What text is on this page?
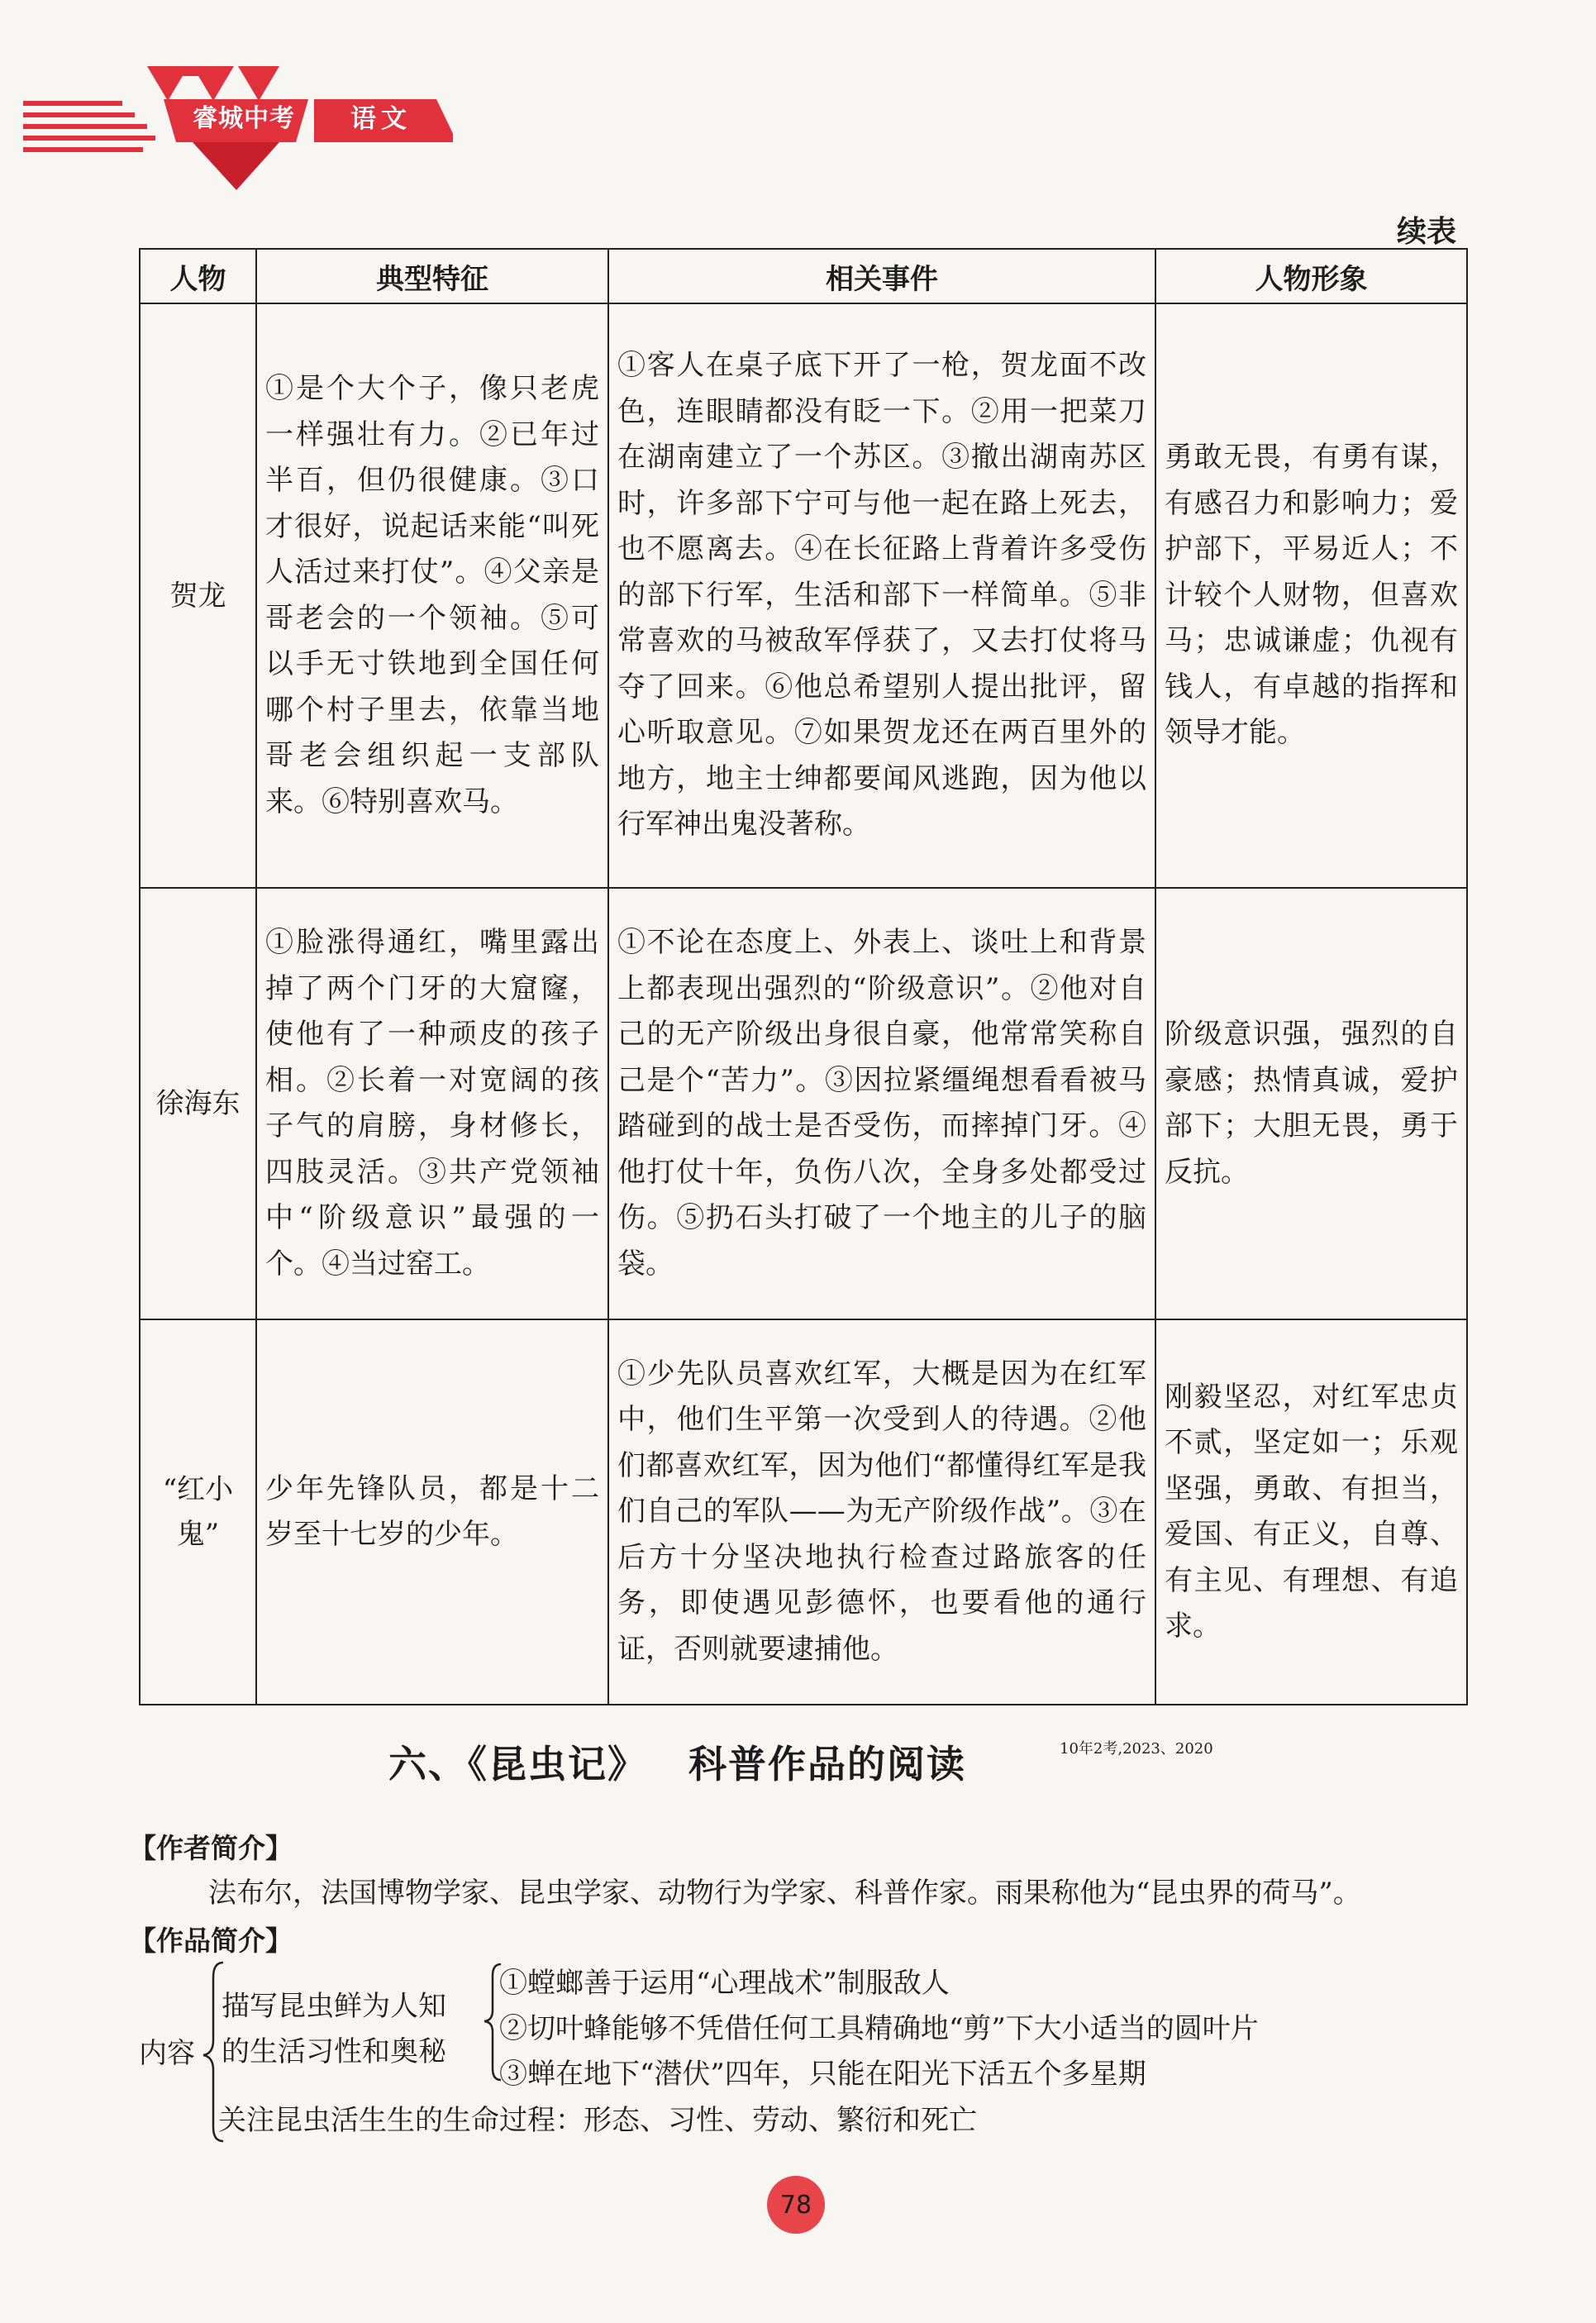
睿城中考	语文
续表
人物	典型特征	相关事件	人物形象
贺龙	①是个大个子，像只老虎一样强壮有力。②已年过半百，但仍很健康。③口才很好，说起话来能“叫死人活过来打仗”。④父亲是哥老会的一个领袖。⑤可以手无寸铁地到全国任何哪个村子里去，依靠当地哥老会组织起一支部队来。⑥特别喜欢马。	①客人在桌子底下开了一枪，贺龙面不改色，连眼睛都没有眨一下。②用一把菜刀在湖南建立了一个苏区。③撤出湖南苏区时，许多部下宁可与他一起在路上死去，也不愿离去。④在长征路上背着许多受伤的部下行军，生活和部下一样简单。⑤非常喜欢的马被敌军俘获了，又去打仗将马夺了回来。⑥他总希望别人提出批评，留心听取意见。⑦如果贺龙还在两百里外的地方，地主士绅都要闻风逃跑，因为他以行军神出鬼没著称。	勇敢无畏，有勇有谋，有感召力和影响力；爱护部下，平易近人；不计较个人财物，但喜欢马；忠诚谦虚；仇视有钱人，有卓越的指挥和领导才能。
徐海东	①脸涨得通红，嘴里露出掉了两个门牙的大窟窿，使他有了一种顽皮的孩子相。②长着一对宽阔的孩子气的肩膀，身材修长，四肢灵活。③共产党领袖中“阶级意识”最强的一个。④当过窑工。	①不论在态度上、外表上、谈吐上和背景上都表现出强烈的“阶级意识”。②他对自己的无产阶级出身很自豪，他常常笑称自己是个“苦力”。③因拉紧缰绳想看看被马踏碰到的战士是否受伤，而摔掉门牙。④他打仗十年，负伤八次，全身多处都受过伤。⑤扔石头打破了一个地主的儿子的脑袋。	阶级意识强，强烈的自豪感；热情真诚，爱护部下；大胆无畏，勇于反抗。
“红小鬼”	少年先锋队员，都是十二岁至十七岁的少年。	①少先队员喜欢红军，大概是因为在红军中，他们生平第一次受到人的待遇。②他们都喜欢红军，因为他们“都懂得红军是我们自己的军队——为无产阶级作战”。③在后方十分坚决地执行检查过路旅客的任务，即使遇见彭德怀，也要看他的通行证，否则就要逮捕他。	刚毅坚忍，对红军忠贞不贰，坚定如一；乐观坚强，勇敢、有担当，爱国、有正义，自尊、有主见、有理想、有追求。
六、《昆虫记》 科普作品的阅读	10年2考,2023、2020
【作者简介】
法布尔，法国博物学家、昆虫学家、动物行为学家、科普作家。雨果称他为“昆虫界的荷马”。
【作品简介】
内容
描写昆虫鲜为人知
的生活习性和奥秘
①螳螂善于运用“心理战术”制服敌人
②切叶蜂能够不凭借任何工具精确地“剪”下大小适当的圆叶片
③蝉在地下“潜伏”四年，只能在阳光下活五个多星期
关注昆虫活生生的生命过程：形态、习性、劳动、繁衍和死亡
78
